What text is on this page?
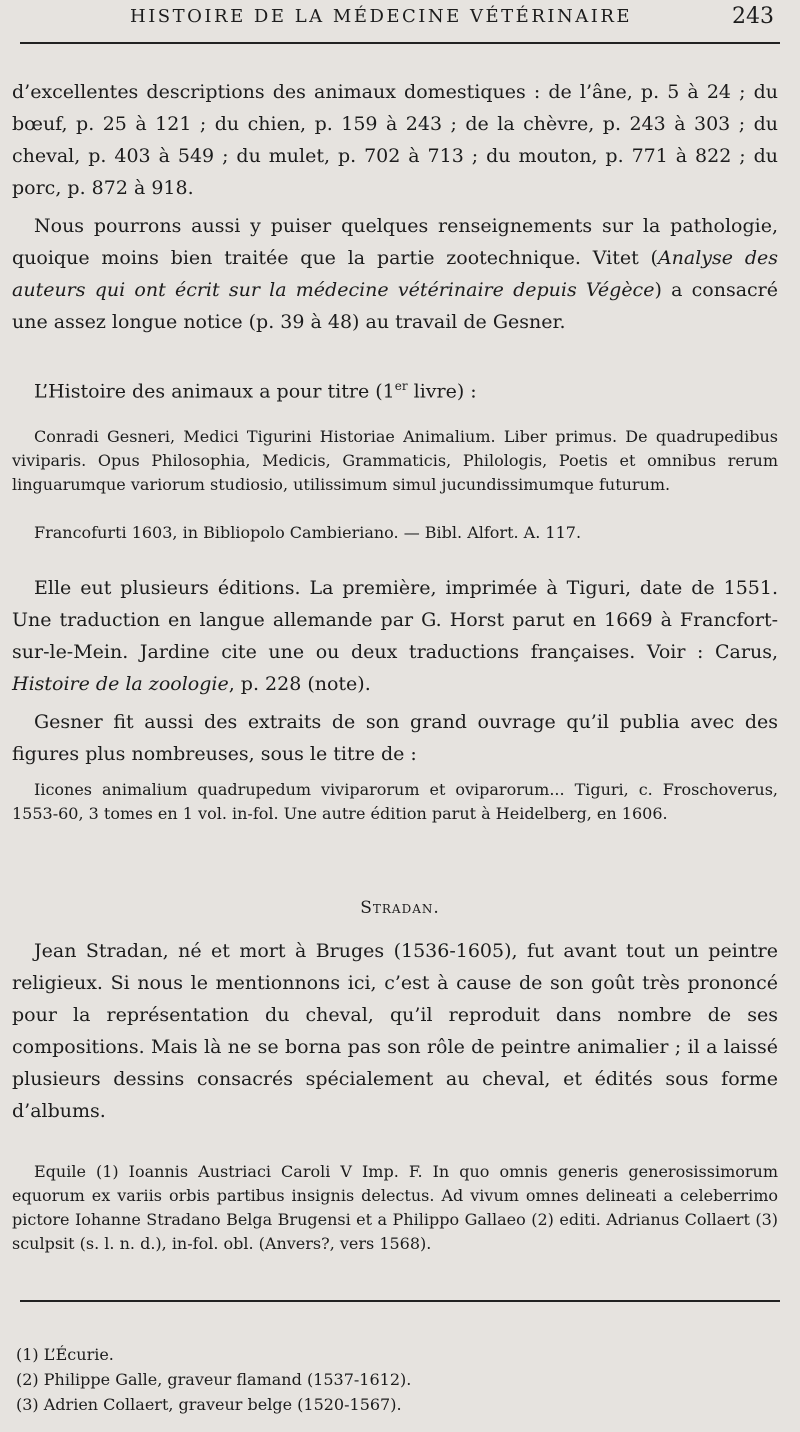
HISTOIRE DE LA MÉDECINE VÉTÉRINAIRE	243
d’excellentes descriptions des animaux domestiques : de l’âne, p. 5 à 24 ; du bœuf, p. 25 à 121 ; du chien, p. 159 à 243 ; de la chèvre, p. 243 à 303 ; du cheval, p. 403 à 549 ; du mulet, p. 702 à 713 ; du mouton, p. 771 à 822 ; du porc, p. 872 à 918.
Nous pourrons aussi y puiser quelques renseignements sur la pathologie, quoique moins bien traitée que la partie zootechnique. Vitet (Analyse des auteurs qui ont écrit sur la médecine vétérinaire depuis Végèce) a consacré une assez longue notice (p. 39 à 48) au travail de Gesner.
L’Histoire des animaux a pour titre (1er livre) :
Conradi Gesneri, Medici Tigurini Historiae Animalium. Liber primus. De quadrupedibus viviparis. Opus Philosophia, Medicis, Grammaticis, Philologis, Poetis et omnibus rerum linguarumque variorum studiosio, utilissimum simul jucundissimumque futurum.
Francofurti 1603, in Bibliopolo Cambieriano. — Bibl. Alfort. A. 117.
Elle eut plusieurs éditions. La première, imprimée à Tiguri, date de 1551. Une traduction en langue allemande par G. Horst parut en 1669 à Francfort-sur-le-Mein. Jardine cite une ou deux traductions françaises. Voir : Carus, Histoire de la zoologie, p. 228 (note).
Gesner fit aussi des extraits de son grand ouvrage qu’il publia avec des figures plus nombreuses, sous le titre de :
Iicones animalium quadrupedum viviparorum et oviparorum... Tiguri, c. Froschoverus, 1553-60, 3 tomes en 1 vol. in-fol. Une autre édition parut à Heidelberg, en 1606.
Stradan.
Jean Stradan, né et mort à Bruges (1536-1605), fut avant tout un peintre religieux. Si nous le mentionnons ici, c’est à cause de son goût très prononcé pour la représentation du cheval, qu’il reproduit dans nombre de ses compositions. Mais là ne se borna pas son rôle de peintre animalier ; il a laissé plusieurs dessins consacrés spécialement au cheval, et édités sous forme d’albums.
Equile (1) Ioannis Austriaci Caroli V Imp. F. In quo omnis generis generosissimorum equorum ex variis orbis partibus insignis delectus. Ad vivum omnes delineati a celeberrimo pictore Iohanne Stradano Belga Brugensi et a Philippo Gallaeo (2) editi. Adrianus Collaert (3) sculpsit (s. l. n. d.), in-fol. obl. (Anvers?, vers 1568).
(1) L’Écurie.
(2) Philippe Galle, graveur flamand (1537-1612).
(3) Adrien Collaert, graveur belge (1520-1567).
